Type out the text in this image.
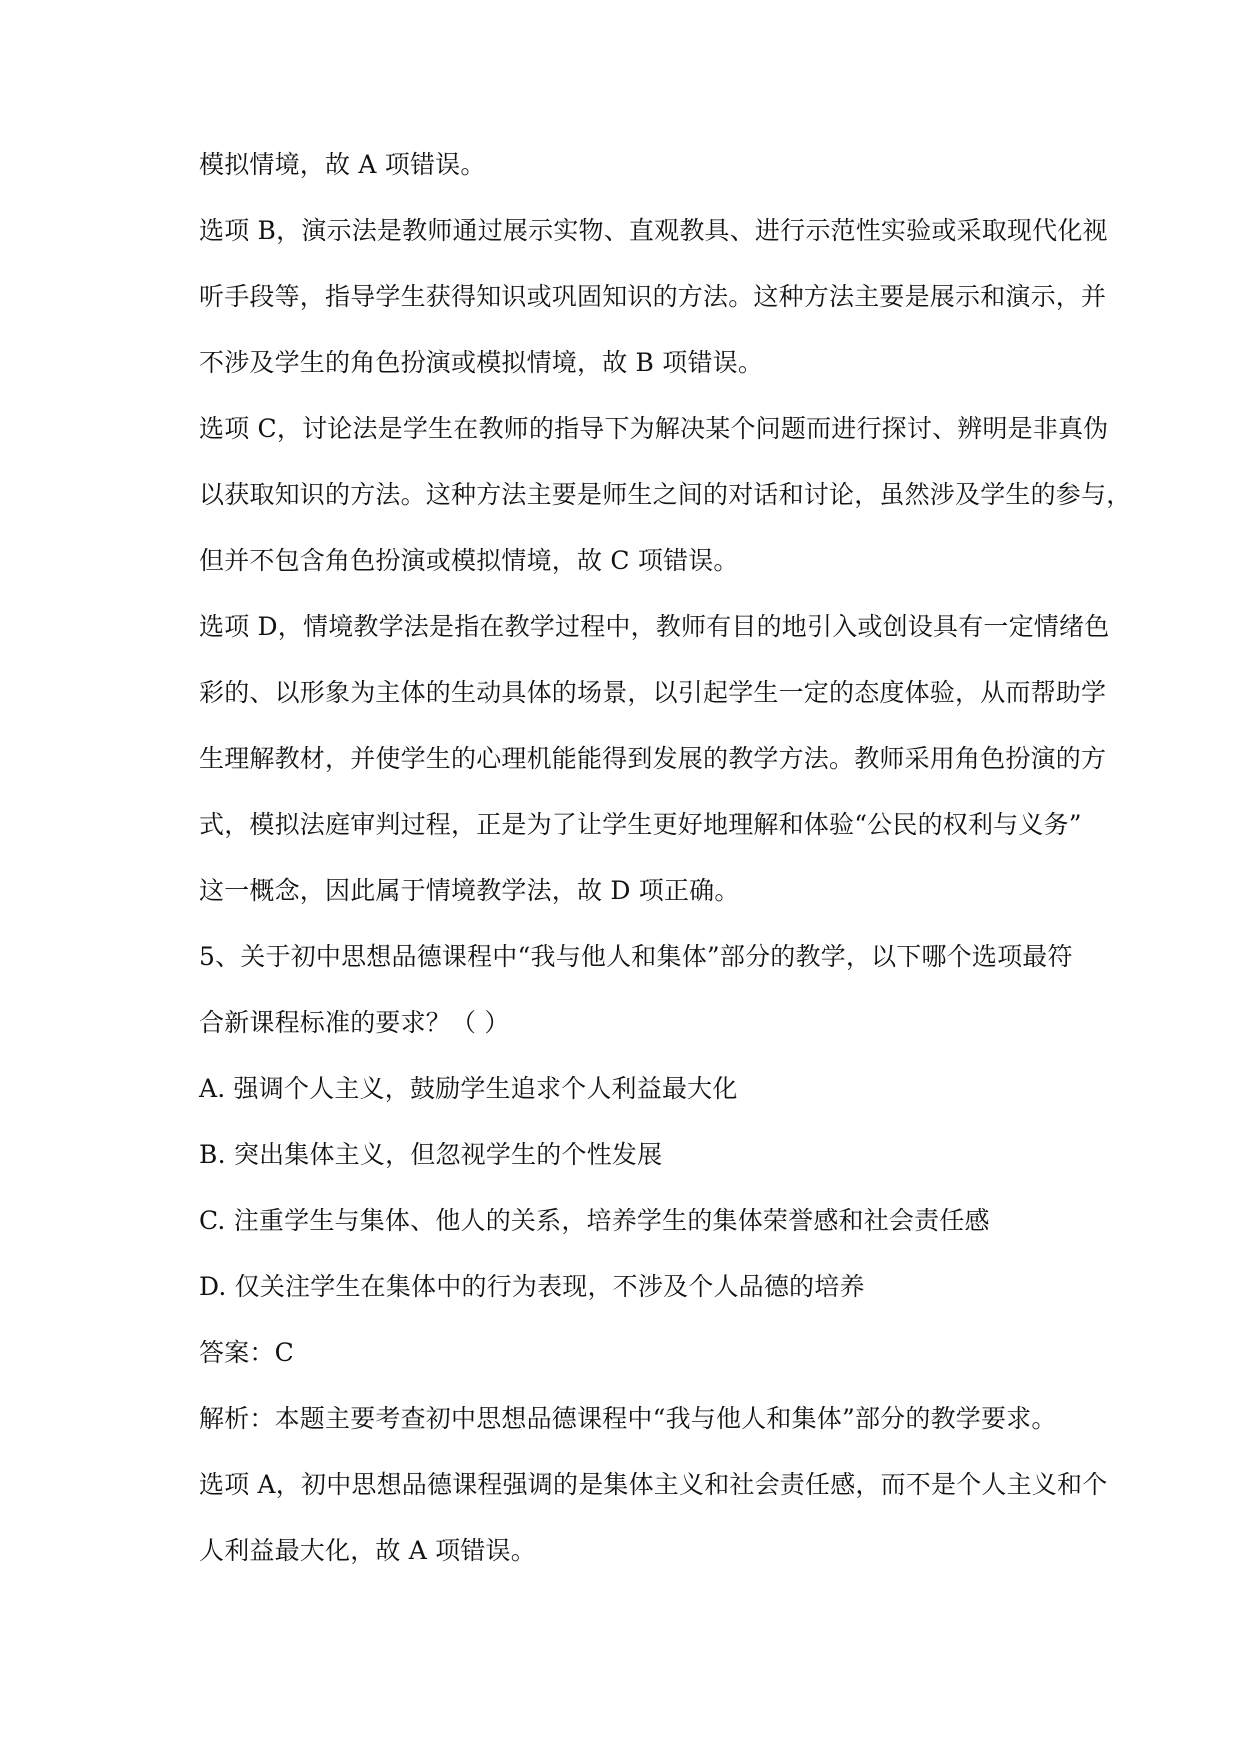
模拟情境，故 A 项错误。

选项 B，演示法是教师通过展示实物、直观教具、进行示范性实验或采取现代化视

听手段等，指导学生获得知识或巩固知识的方法。这种方法主要是展示和演示，并

不涉及学生的角色扮演或模拟情境，故 B 项错误。

选项 C，讨论法是学生在教师的指导下为解决某个问题而进行探讨、辨明是非真伪

以获取知识的方法。这种方法主要是师生之间的对话和讨论，虽然涉及学生的参与，

但并不包含角色扮演或模拟情境，故 C 项错误。

选项 D，情境教学法是指在教学过程中，教师有目的地引入或创设具有一定情绪色

彩的、以形象为主体的生动具体的场景，以引起学生一定的态度体验，从而帮助学

生理解教材，并使学生的心理机能能得到发展的教学方法。教师采用角色扮演的方

式，模拟法庭审判过程，正是为了让学生更好地理解和体验“公民的权利与义务”

这一概念，因此属于情境教学法，故 D 项正确。

5、关于初中思想品德课程中“我与他人和集体”部分的教学，以下哪个选项最符

合新课程标准的要求？（ ）

A. 强调个人主义，鼓励学生追求个人利益最大化

B. 突出集体主义，但忽视学生的个性发展

C. 注重学生与集体、他人的关系，培养学生的集体荣誉感和社会责任感

D. 仅关注学生在集体中的行为表现，不涉及个人品德的培养

答案：C

解析：本题主要考查初中思想品德课程中“我与他人和集体”部分的教学要求。

选项 A，初中思想品德课程强调的是集体主义和社会责任感，而不是个人主义和个

人利益最大化，故 A 项错误。
